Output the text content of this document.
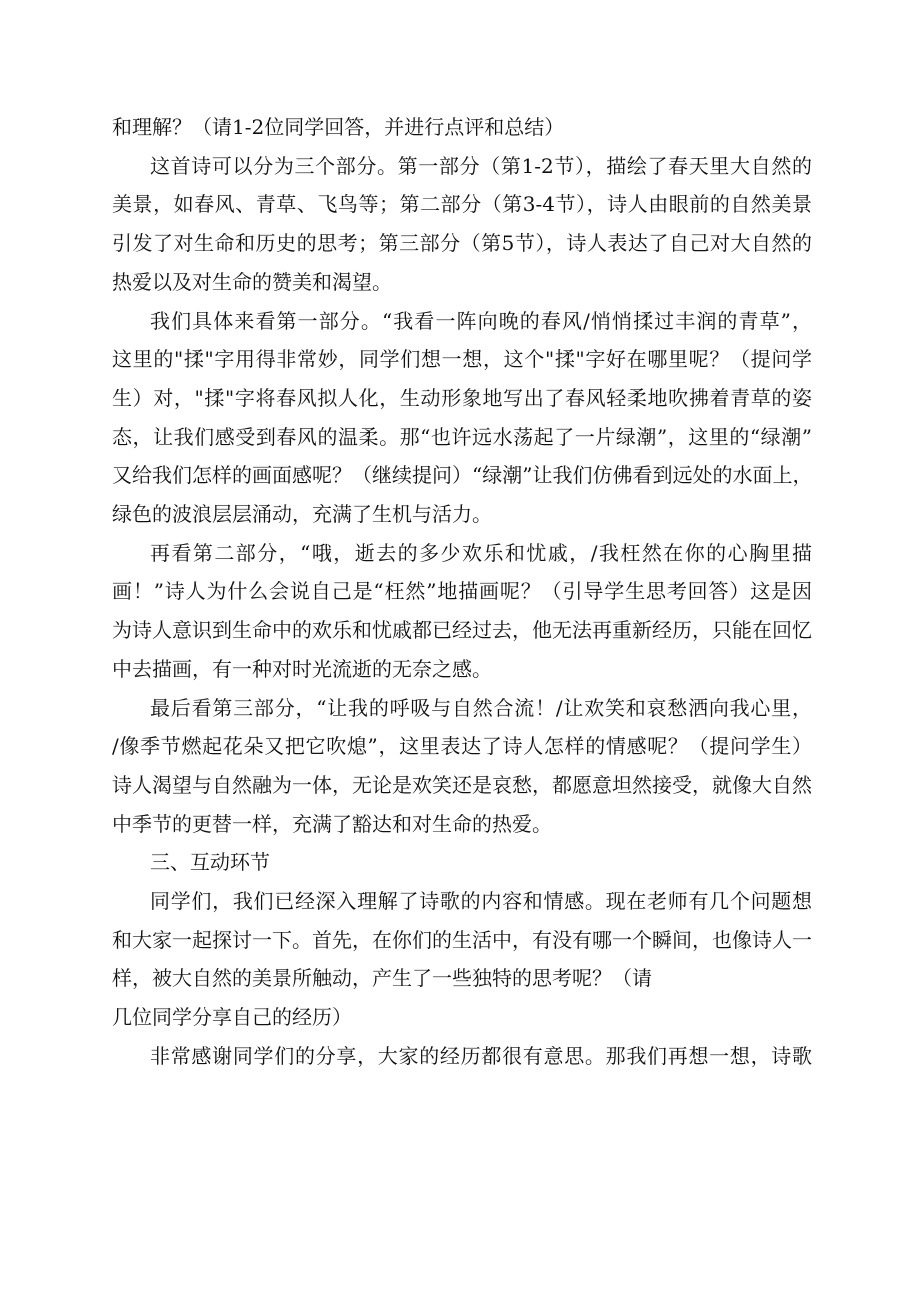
和理解？（请1-2位同学回答，并进行点评和总结）
这首诗可以分为三个部分。第一部分（第1-2节），描绘了春天里大自然的
美景，如春风、青草、飞鸟等；第二部分（第3-4节），诗人由眼前的自然美景
引发了对生命和历史的思考；第三部分（第5节），诗人表达了自己对大自然的
热爱以及对生命的赞美和渴望。
我们具体来看第一部分。“我看一阵向晚的春风/悄悄揉过丰润的青草”，
这里的"揉"字用得非常妙，同学们想一想，这个"揉"字好在哪里呢？（提问学
生）对，"揉"字将春风拟人化，生动形象地写出了春风轻柔地吹拂着青草的姿
态，让我们感受到春风的温柔。那“也许远水荡起了一片绿潮”，这里的“绿潮”
又给我们怎样的画面感呢？（继续提问）“绿潮”让我们仿佛看到远处的水面上，
绿色的波浪层层涌动，充满了生机与活力。
再看第二部分，“哦，逝去的多少欢乐和忧戚，/我枉然在你的心胸里描
画！”诗人为什么会说自己是“枉然”地描画呢？（引导学生思考回答）这是因
为诗人意识到生命中的欢乐和忧戚都已经过去，他无法再重新经历，只能在回忆
中去描画，有一种对时光流逝的无奈之感。
最后看第三部分，“让我的呼吸与自然合流！/让欢笑和哀愁洒向我心里，
/像季节燃起花朵又把它吹熄”，这里表达了诗人怎样的情感呢？（提问学生）
诗人渴望与自然融为一体，无论是欢笑还是哀愁，都愿意坦然接受，就像大自然
中季节的更替一样，充满了豁达和对生命的热爱。
三、互动环节
同学们，我们已经深入理解了诗歌的内容和情感。现在老师有几个问题想
和大家一起探讨一下。首先，在你们的生活中，有没有哪一个瞬间，也像诗人一
样，被大自然的美景所触动，产生了一些独特的思考呢？（请
几位同学分享自己的经历）
非常感谢同学们的分享，大家的经历都很有意思。那我们再想一想，诗歌
